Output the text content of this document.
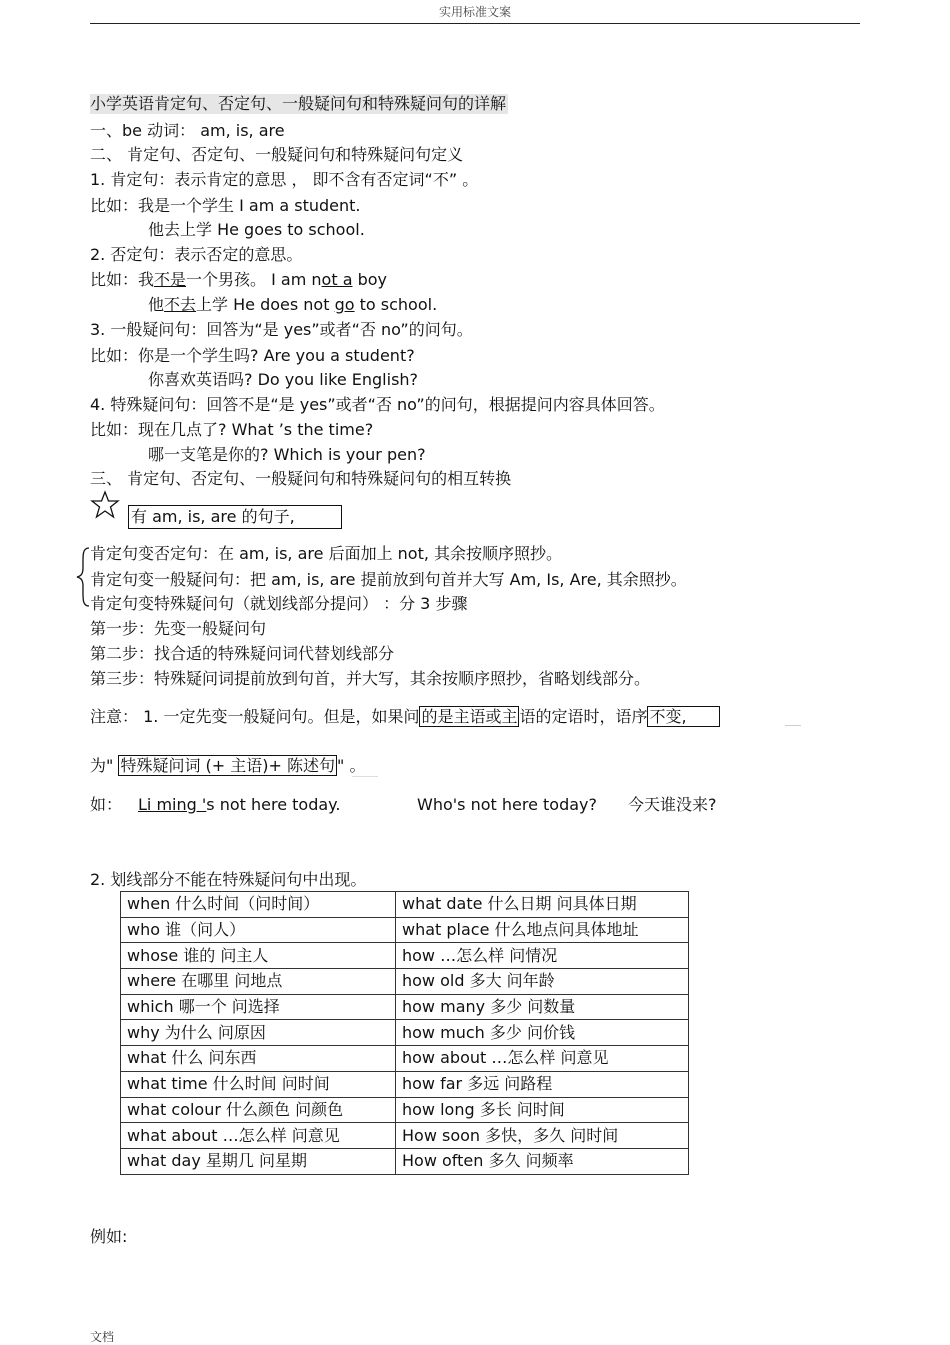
实用标准文案
小学英语肯定句、否定句、一般疑问句和特殊疑问句的详解
一、be 动词： am, is, are
二、 肯定句、否定句、一般疑问句和特殊疑问句定义
1. 肯定句：表示肯定的意思 ， 即不含有否定词“不” 。
比如：我是一个学生 I am a student.
他去上学 He goes to school.
2. 否定句：表示否定的意思。
比如：我不是一个男孩。 I am not a boy
他不去上学 He does not go to school.
3. 一般疑问句：回答为“是 yes”或者“否 no”的问句。
比如：你是一个学生吗? Are you a student?
你喜欢英语吗? Do you like English?
4. 特殊疑问句：回答不是“是 yes”或者“否 no”的问句，根据提问内容具体回答。
比如：现在几点了? What ’s the time?
哪一支笔是你的? Which is your pen?
三、 肯定句、否定句、一般疑问句和特殊疑问句的相互转换
有 am, is, are 的句子,
肯定句变否定句：在 am, is, are 后面加上 not, 其余按顺序照抄。
肯定句变一般疑问句：把 am, is, are 提前放到句首并大写 Am, Is, Are, 其余照抄。
肯定句变特殊疑问句（就划线部分提问） ：分 3 步骤
第一步：先变一般疑问句
第二步：找合适的特殊疑问词代替划线部分
第三步：特殊疑问词提前放到句首，并大写，其余按顺序照抄，省略划线部分。
注意： 1. 一定先变一般疑问句。但是，如果问 的是主语或主 语的定语时，语序 不变,
为" 特殊疑问词 (+ 主语)+ 陈述句 " 。
如： Li ming 's not here today.	Who's not here today? 今天谁没来?
2. 划线部分不能在特殊疑问句中出现。
when 什么时间（问时间）	what date 什么日期 问具体日期
who 谁（问人）	what place 什么地点问具体地址
whose 谁的 问主人	how …怎么样 问情况
where 在哪里 问地点	how old 多大 问年龄
which 哪一个 问选择	how many 多少 问数量
why 为什么 问原因	how much 多少 问价钱
what 什么 问东西	how about …怎么样 问意见
what time 什么时间 问时间	how far 多远 问路程
what colour 什么颜色 问颜色	how long 多长 问时间
what about …怎么样 问意见	How soon 多快，多久 问时间
what day 星期几 问星期	How often 多久 问频率
例如:
文档
